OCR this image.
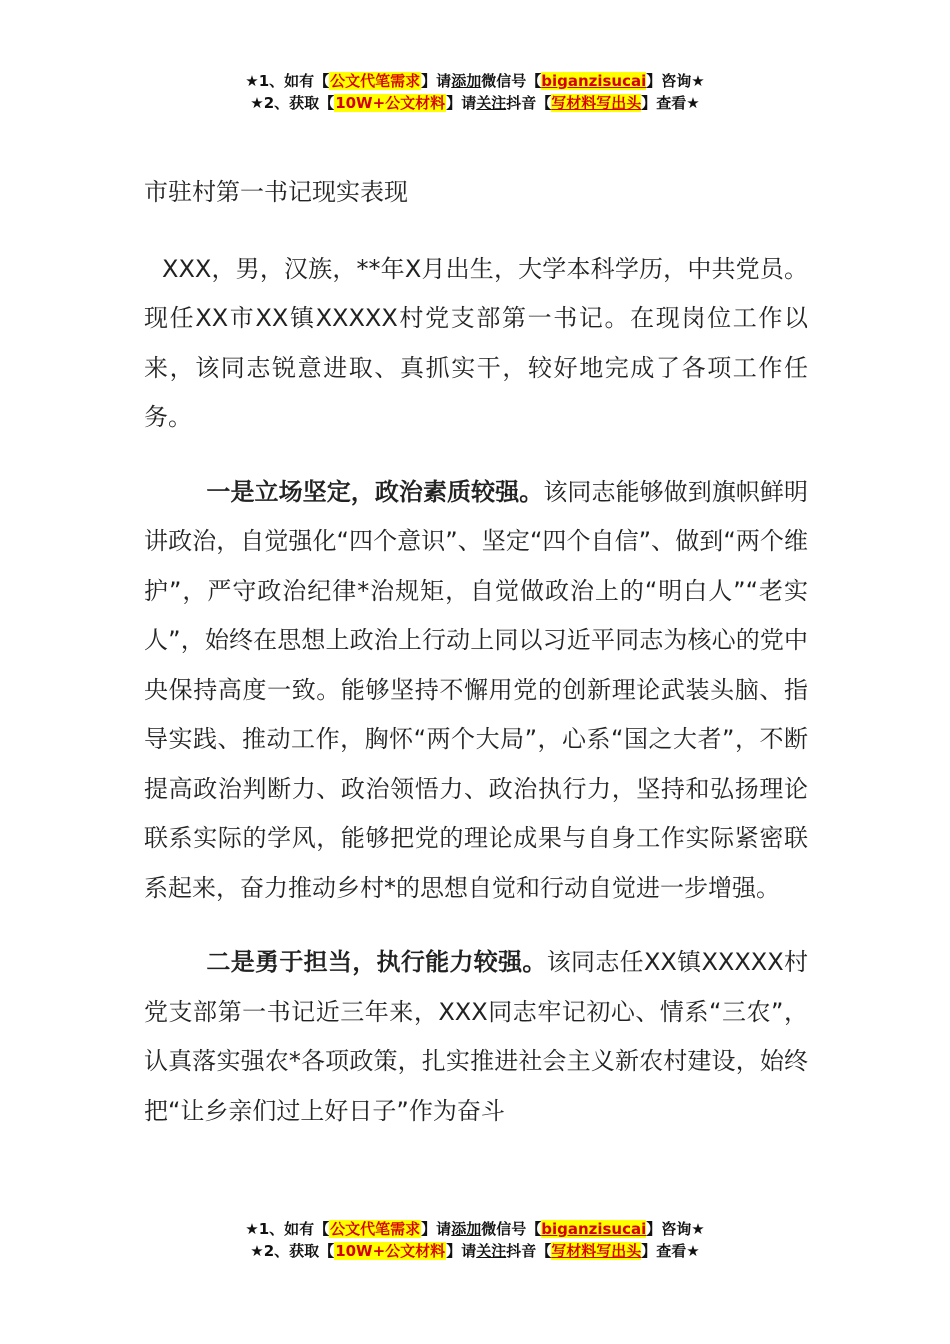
★1、如有【公文代笔需求】请添加微信号【biganzisucai】咨询★
★2、获取【10W+公文材料】请关注抖音【写材料写出头】查看★
市驻村第一书记现实表现

XXX，男，汉族，**年X月出生，大学本科学历，中共党员。现任XX市XX镇XXXXX村党支部第一书记。在现岗位工作以来，该同志锐意进取、真抓实干，较好地完成了各项工作任务。

一是立场坚定，政治素质较强。该同志能够做到旗帜鲜明讲政治，自觉强化“四个意识”、坚定“四个自信”、做到“两个维护”，严守政治纪律*治规矩，自觉做政治上的“明白人”“老实人”，始终在思想上政治上行动上同以习近平同志为核心的党中央保持高度一致。能够坚持不懈用党的创新理论武装头脑、指导实践、推动工作，胸怀“两个大局”，心系“国之大者”，不断提高政治判断力、政治领悟力、政治执行力，坚持和弘扬理论联系实际的学风，能够把党的理论成果与自身工作实际紧密联系起来，奋力推动乡村*的思想自觉和行动自觉进一步增强。

二是勇于担当，执行能力较强。该同志任XX镇XXXXX村党支部第一书记近三年来，XXX同志牢记初心、情系“三农”，认真落实强农*各项政策，扎实推进社会主义新农村建设，始终把“让乡亲们过上好日子”作为奋斗

★1、如有【公文代笔需求】请添加微信号【biganzisucai】咨询★
★2、获取【10W+公文材料】请关注抖音【写材料写出头】查看★
